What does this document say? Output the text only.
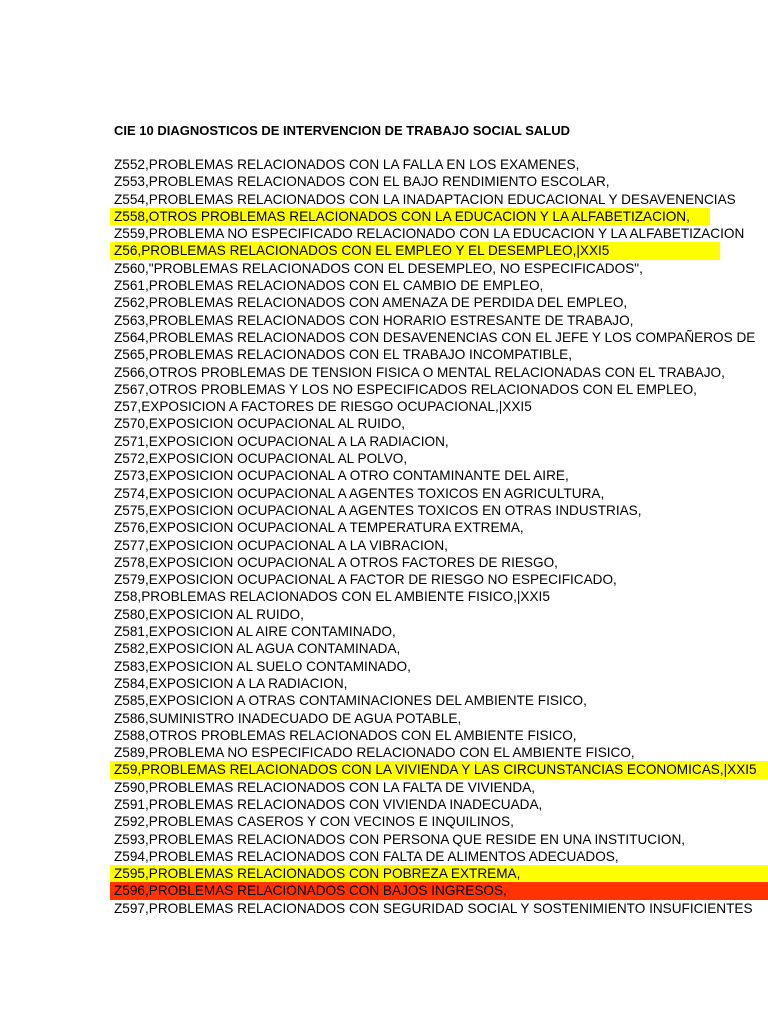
CIE 10 DIAGNOSTICOS DE INTERVENCION DE TRABAJO SOCIAL SALUD
Z552,PROBLEMAS RELACIONADOS CON LA FALLA EN LOS EXAMENES,
Z553,PROBLEMAS RELACIONADOS CON EL BAJO RENDIMIENTO ESCOLAR,
Z554,PROBLEMAS RELACIONADOS CON LA INADAPTACION EDUCACIONAL Y DESAVENENCIAS
Z558,OTROS PROBLEMAS RELACIONADOS CON LA EDUCACION Y LA ALFABETIZACION,
Z559,PROBLEMA NO ESPECIFICADO RELACIONADO CON LA EDUCACION Y LA ALFABETIZACION
Z56,PROBLEMAS RELACIONADOS CON EL EMPLEO Y EL DESEMPLEO,|XXI5
Z560,"PROBLEMAS RELACIONADOS CON EL DESEMPLEO, NO ESPECIFICADOS",
Z561,PROBLEMAS RELACIONADOS CON EL CAMBIO DE EMPLEO,
Z562,PROBLEMAS RELACIONADOS CON AMENAZA DE PERDIDA DEL EMPLEO,
Z563,PROBLEMAS RELACIONADOS CON HORARIO ESTRESANTE DE TRABAJO,
Z564,PROBLEMAS RELACIONADOS CON DESAVENENCIAS CON EL JEFE Y LOS COMPAÑEROS DE
Z565,PROBLEMAS RELACIONADOS CON EL TRABAJO INCOMPATIBLE,
Z566,OTROS PROBLEMAS DE TENSION FISICA O MENTAL RELACIONADAS CON EL TRABAJO,
Z567,OTROS PROBLEMAS Y LOS NO ESPECIFICADOS RELACIONADOS CON EL EMPLEO,
Z57,EXPOSICION A FACTORES DE RIESGO OCUPACIONAL,|XXI5
Z570,EXPOSICION OCUPACIONAL AL RUIDO,
Z571,EXPOSICION OCUPACIONAL A LA RADIACION,
Z572,EXPOSICION OCUPACIONAL AL POLVO,
Z573,EXPOSICION OCUPACIONAL A OTRO CONTAMINANTE DEL AIRE,
Z574,EXPOSICION OCUPACIONAL A AGENTES TOXICOS EN AGRICULTURA,
Z575,EXPOSICION OCUPACIONAL A AGENTES TOXICOS EN OTRAS INDUSTRIAS,
Z576,EXPOSICION OCUPACIONAL A TEMPERATURA EXTREMA,
Z577,EXPOSICION OCUPACIONAL A LA VIBRACION,
Z578,EXPOSICION OCUPACIONAL A OTROS FACTORES DE RIESGO,
Z579,EXPOSICION OCUPACIONAL A FACTOR DE RIESGO NO ESPECIFICADO,
Z58,PROBLEMAS RELACIONADOS CON EL AMBIENTE FISICO,|XXI5
Z580,EXPOSICION AL RUIDO,
Z581,EXPOSICION AL AIRE CONTAMINADO,
Z582,EXPOSICION AL AGUA CONTAMINADA,
Z583,EXPOSICION AL SUELO CONTAMINADO,
Z584,EXPOSICION A LA RADIACION,
Z585,EXPOSICION A OTRAS CONTAMINACIONES DEL AMBIENTE FISICO,
Z586,SUMINISTRO INADECUADO DE AGUA POTABLE,
Z588,OTROS PROBLEMAS RELACIONADOS CON EL AMBIENTE FISICO,
Z589,PROBLEMA NO ESPECIFICADO RELACIONADO CON EL AMBIENTE FISICO,
Z59,PROBLEMAS RELACIONADOS CON LA VIVIENDA Y LAS CIRCUNSTANCIAS ECONOMICAS,|XXI5
Z590,PROBLEMAS RELACIONADOS CON LA FALTA DE VIVIENDA,
Z591,PROBLEMAS RELACIONADOS CON VIVIENDA INADECUADA,
Z592,PROBLEMAS CASEROS Y CON VECINOS E INQUILINOS,
Z593,PROBLEMAS RELACIONADOS CON PERSONA QUE RESIDE EN UNA INSTITUCION,
Z594,PROBLEMAS RELACIONADOS CON FALTA DE ALIMENTOS ADECUADOS,
Z595,PROBLEMAS RELACIONADOS CON POBREZA EXTREMA,
Z596,PROBLEMAS RELACIONADOS CON BAJOS INGRESOS,
Z597,PROBLEMAS RELACIONADOS CON SEGURIDAD SOCIAL Y SOSTENIMIENTO INSUFICIENTES
